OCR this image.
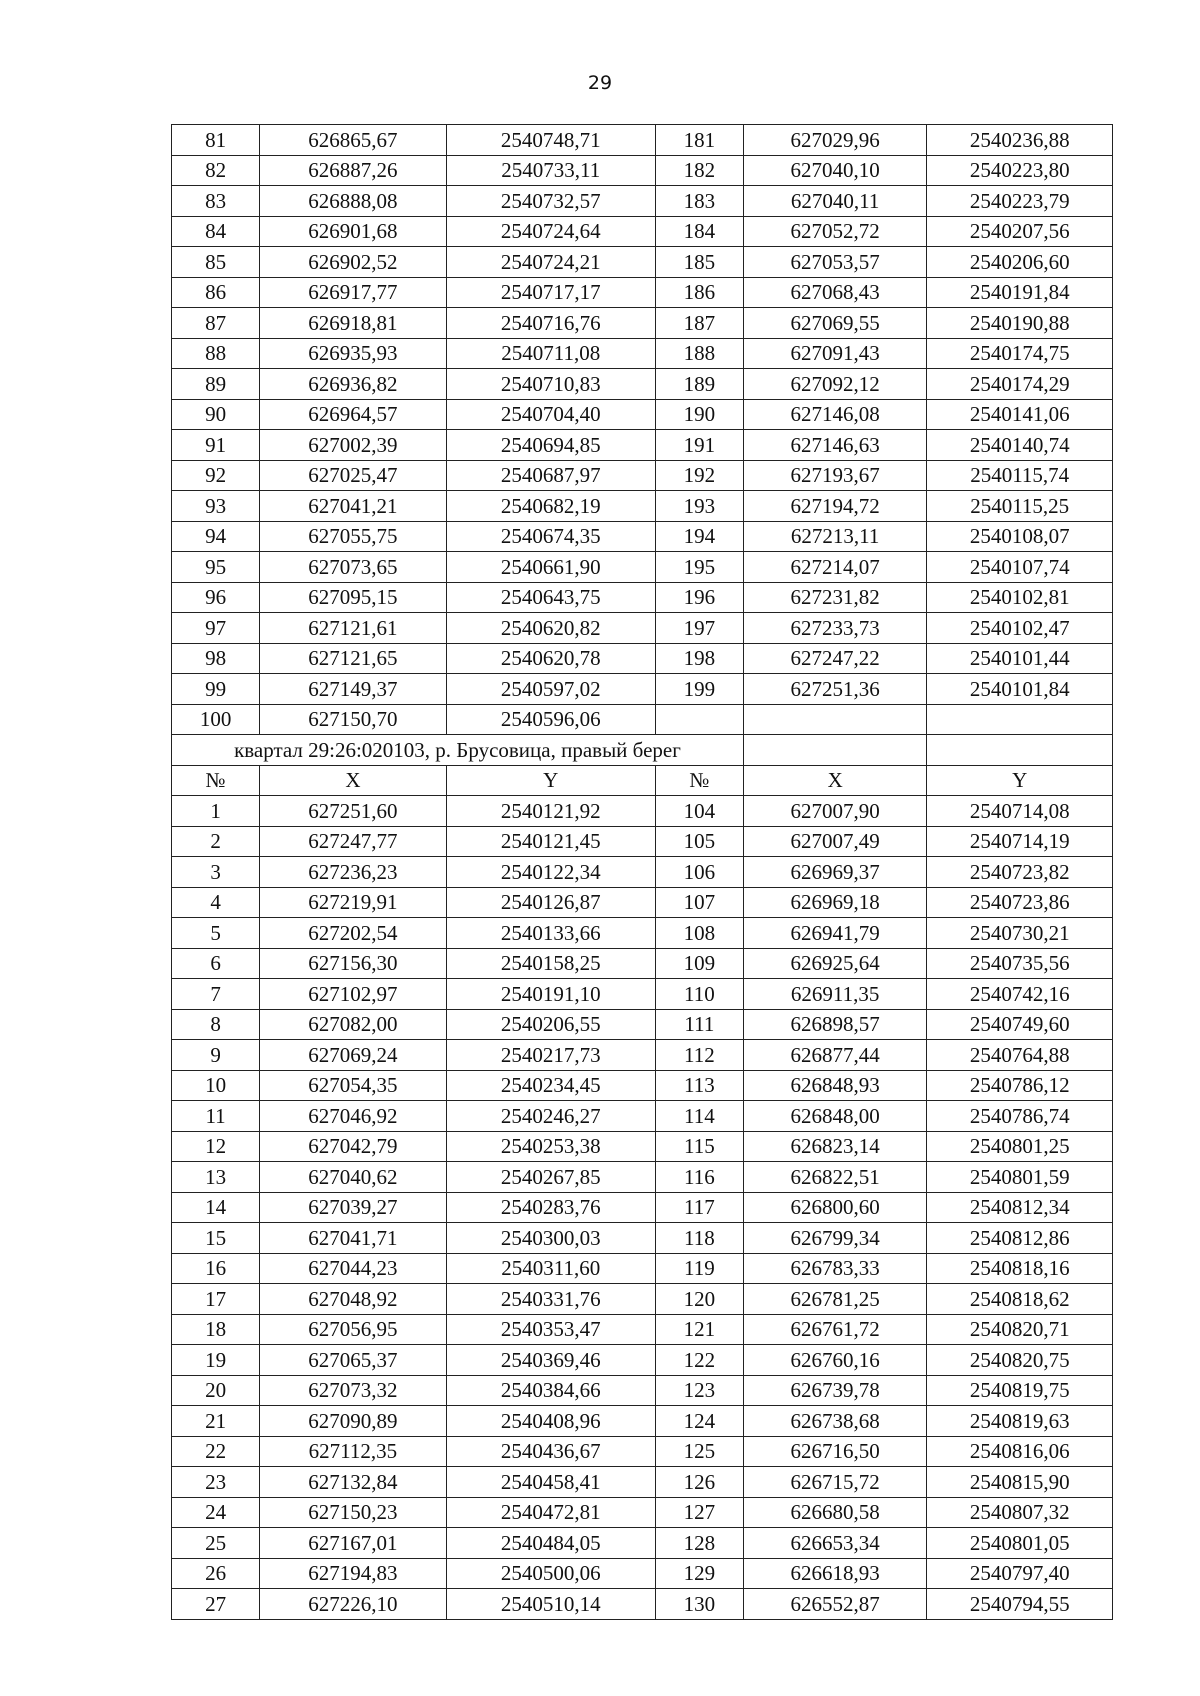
29
81	626865,67	2540748,71	181	627029,96	2540236,88
82	626887,26	2540733,11	182	627040,10	2540223,80
83	626888,08	2540732,57	183	627040,11	2540223,79
84	626901,68	2540724,64	184	627052,72	2540207,56
85	626902,52	2540724,21	185	627053,57	2540206,60
86	626917,77	2540717,17	186	627068,43	2540191,84
87	626918,81	2540716,76	187	627069,55	2540190,88
88	626935,93	2540711,08	188	627091,43	2540174,75
89	626936,82	2540710,83	189	627092,12	2540174,29
90	626964,57	2540704,40	190	627146,08	2540141,06
91	627002,39	2540694,85	191	627146,63	2540140,74
92	627025,47	2540687,97	192	627193,67	2540115,74
93	627041,21	2540682,19	193	627194,72	2540115,25
94	627055,75	2540674,35	194	627213,11	2540108,07
95	627073,65	2540661,90	195	627214,07	2540107,74
96	627095,15	2540643,75	196	627231,82	2540102,81
97	627121,61	2540620,82	197	627233,73	2540102,47
98	627121,65	2540620,78	198	627247,22	2540101,44
99	627149,37	2540597,02	199	627251,36	2540101,84
100	627150,70	2540596,06			
квартал 29:26:020103, р. Брусовица, правый берег					
№	X	Y	№	X	Y
1	627251,60	2540121,92	104	627007,90	2540714,08
2	627247,77	2540121,45	105	627007,49	2540714,19
3	627236,23	2540122,34	106	626969,37	2540723,82
4	627219,91	2540126,87	107	626969,18	2540723,86
5	627202,54	2540133,66	108	626941,79	2540730,21
6	627156,30	2540158,25	109	626925,64	2540735,56
7	627102,97	2540191,10	110	626911,35	2540742,16
8	627082,00	2540206,55	111	626898,57	2540749,60
9	627069,24	2540217,73	112	626877,44	2540764,88
10	627054,35	2540234,45	113	626848,93	2540786,12
11	627046,92	2540246,27	114	626848,00	2540786,74
12	627042,79	2540253,38	115	626823,14	2540801,25
13	627040,62	2540267,85	116	626822,51	2540801,59
14	627039,27	2540283,76	117	626800,60	2540812,34
15	627041,71	2540300,03	118	626799,34	2540812,86
16	627044,23	2540311,60	119	626783,33	2540818,16
17	627048,92	2540331,76	120	626781,25	2540818,62
18	627056,95	2540353,47	121	626761,72	2540820,71
19	627065,37	2540369,46	122	626760,16	2540820,75
20	627073,32	2540384,66	123	626739,78	2540819,75
21	627090,89	2540408,96	124	626738,68	2540819,63
22	627112,35	2540436,67	125	626716,50	2540816,06
23	627132,84	2540458,41	126	626715,72	2540815,90
24	627150,23	2540472,81	127	626680,58	2540807,32
25	627167,01	2540484,05	128	626653,34	2540801,05
26	627194,83	2540500,06	129	626618,93	2540797,40
27	627226,10	2540510,14	130	626552,87	2540794,55
